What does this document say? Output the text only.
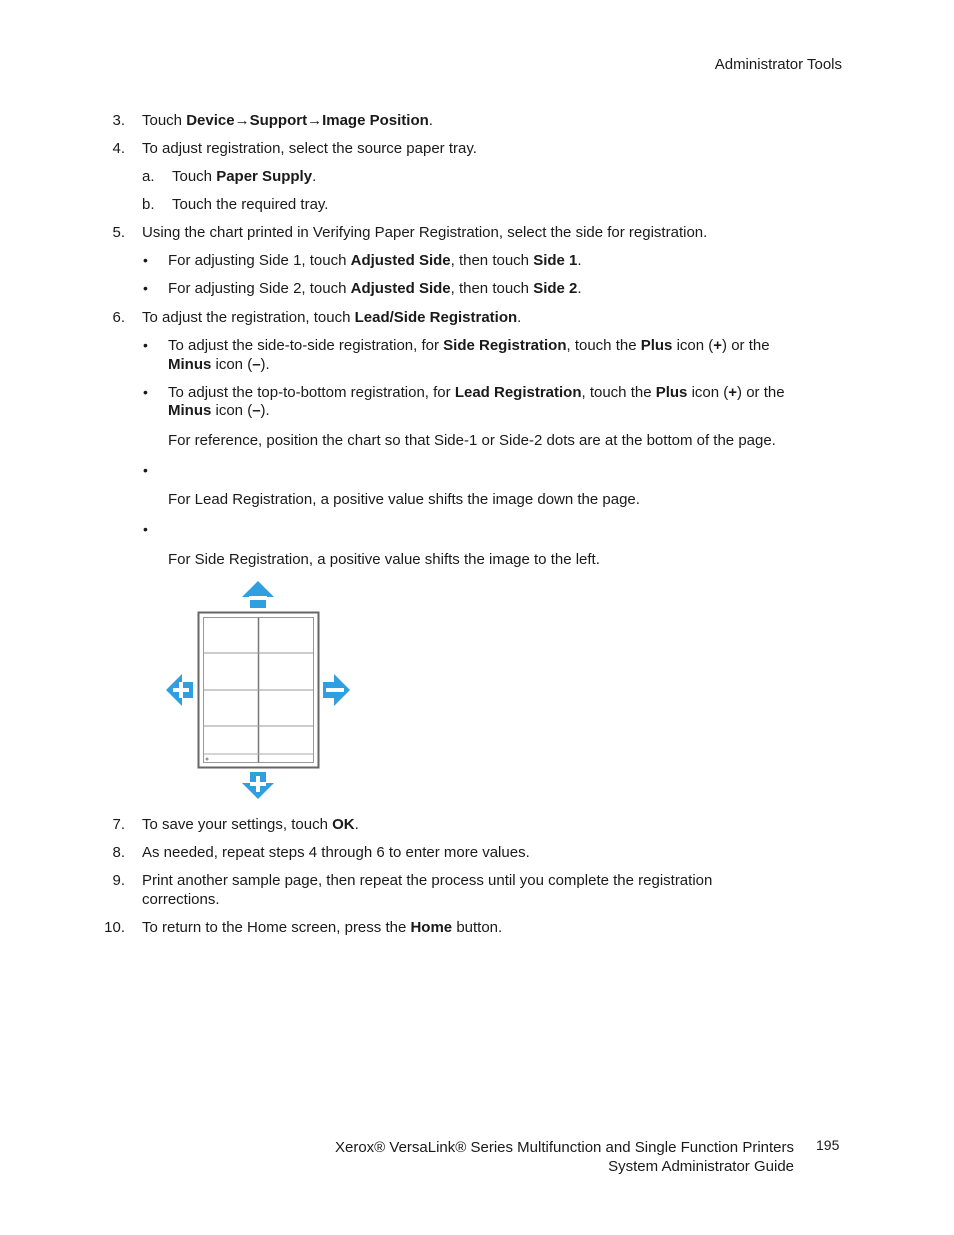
Administrator Tools
3. Touch Device→Support→Image Position.
4. To adjust registration, select the source paper tray.
a. Touch Paper Supply.
b. Touch the required tray.
5. Using the chart printed in Verifying Paper Registration, select the side for registration.
• For adjusting Side 1, touch Adjusted Side, then touch Side 1.
• For adjusting Side 2, touch Adjusted Side, then touch Side 2.
6. To adjust the registration, touch Lead/Side Registration.
• To adjust the side-to-side registration, for Side Registration, touch the Plus icon (+) or the
Minus icon (–).
• To adjust the top-to-bottom registration, for Lead Registration, touch the Plus icon (+) or the
Minus icon (–).
For reference, position the chart so that Side-1 or Side-2 dots are at the bottom of the page.
•
For Lead Registration, a positive value shifts the image down the page.
•
For Side Registration, a positive value shifts the image to the left.
7. To save your settings, touch OK.
8. As needed, repeat steps 4 through 6 to enter more values.
9. Print another sample page, then repeat the process until you complete the registration
corrections.
10. To return to the Home screen, press the Home button.
Xerox® VersaLink® Series Multifunction and Single Function Printers
System Administrator Guide
195
